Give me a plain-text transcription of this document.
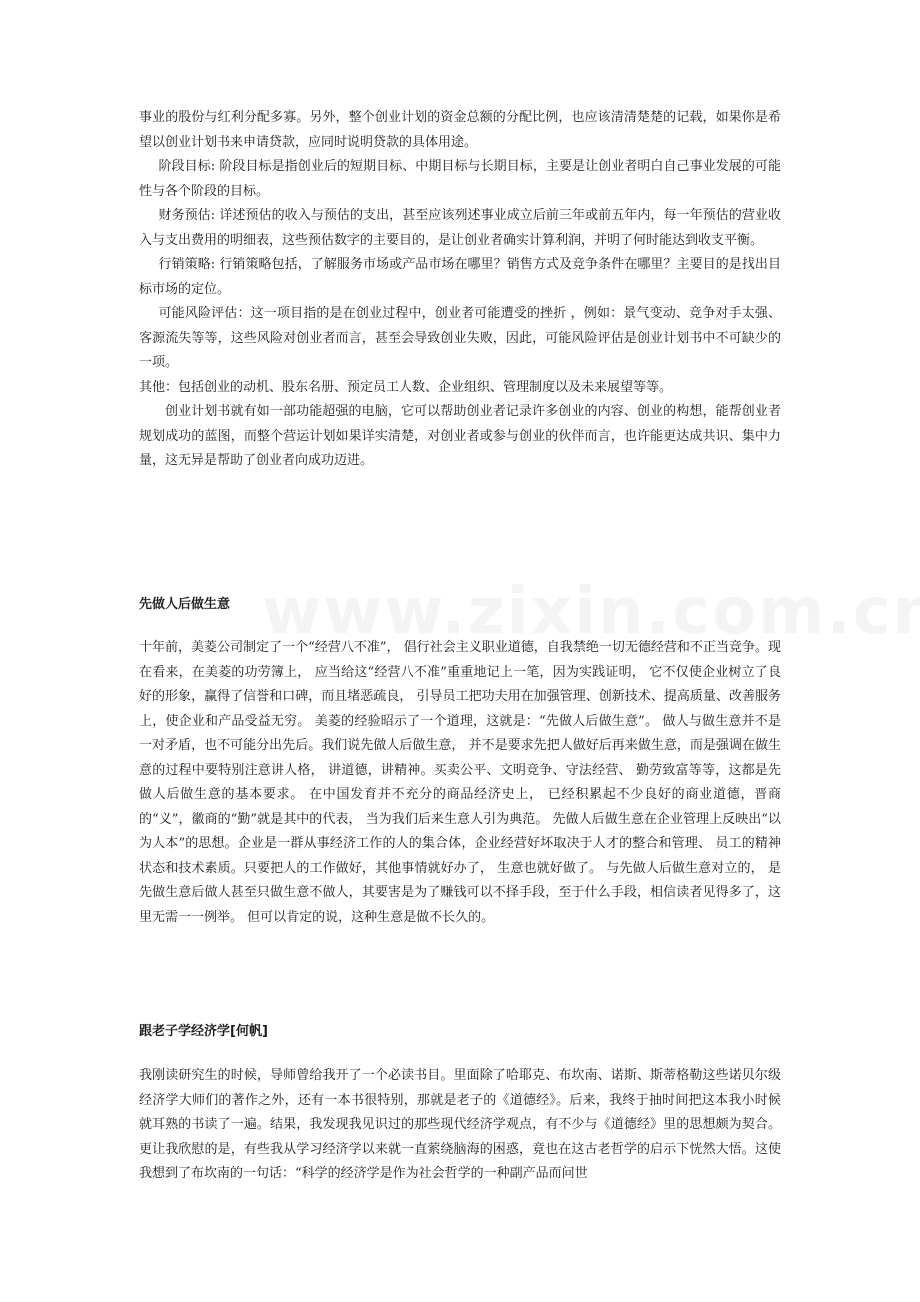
事业的股份与红利分配多寡。另外，整个创业计划的资金总额的分配比例，也应该清清楚楚的记载，如果你是希望以创业计划书来申请贷款，应同时说明贷款的具体用途。

阶段目标: 阶段目标是指创业后的短期目标、中期目标与长期目标，主要是让创业者明白自己事业发展的可能性与各个阶段的目标。

财务预估: 详述预估的收入与预估的支出，甚至应该列述事业成立后前三年或前五年内，每一年预估的营业收入与支出费用的明细表，这些预估数字的主要目的，是让创业者确实计算利润，并明了何时能达到收支平衡。

行销策略: 行销策略包括，了解服务市场或产品市场在哪里？销售方式及竞争条件在哪里？主要目的是找出目标市场的定位。

可能风险评估：这一项目指的是在创业过程中，创业者可能遭受的挫折 ，例如：景气变动、竞争对手太强、客源流失等等，这些风险对创业者而言，甚至会导致创业失败，因此，可能风险评估是创业计划书中不可缺少的一项。

其他：包括创业的动机、股东名册、预定员工人数、企业组织、管理制度以及未来展望等等。

创业计划书就有如一部功能超强的电脑，它可以帮助创业者记录许多创业的内容、创业的构想，能帮创业者规划成功的蓝图，而整个营运计划如果详实清楚，对创业者或参与创业的伙伴而言，也许能更达成共识、集中力量，这无异是帮助了创业者向成功迈进。

先做人后做生意

十年前，美菱公司制定了一个“经营八不准”， 倡行社会主义职业道德，自我禁绝一切无德经营和不正当竞争。现在看来，在美菱的功劳簿上， 应当给这“经营八不准”重重地记上一笔，因为实践证明， 它不仅使企业树立了良好的形象，赢得了信誉和口碑，而且堵恶疏良， 引导员工把功夫用在加强管理、创新技术、提高质量、改善服务上，使企业和产品受益无穷。 美菱的经验昭示了一个道理，这就是：“先做人后做生意”。 做人与做生意并不是一对矛盾，也不可能分出先后。我们说先做人后做生意， 并不是要求先把人做好后再来做生意，而是强调在做生意的过程中要特别注意讲人格， 讲道德，讲精神。买卖公平、文明竞争、守法经营、 勤劳致富等等，这都是先做人后做生意的基本要求。 在中国发育并不充分的商品经济史上， 已经积累起不少良好的商业道德，晋商的“义”，徽商的“勤”就是其中的代表， 当为我们后来生意人引为典范。 先做人后做生意在企业管理上反映出“以为人本”的思想。企业是一群从事经济工作的人的集合体，企业经营好坏取决于人才的整合和管理、 员工的精神状态和技术素质。只要把人的工作做好，其他事情就好办了， 生意也就好做了。 与先做人后做生意对立的， 是先做生意后做人甚至只做生意不做人，其要害是为了赚钱可以不择手段，至于什么手段，相信读者见得多了，这里无需一一例举。 但可以肯定的说，这种生意是做不长久的。

跟老子学经济学[何帆]

我刚读研究生的时候，导师曾给我开了一个必读书目。里面除了哈耶克、布坎南、诺斯、斯蒂格勒这些诺贝尔级经济学大师们的著作之外，还有一本书很特别，那就是老子的《道德经》。后来，我终于抽时间把这本我小时候就耳熟的书读了一遍。结果，我发现我见识过的那些现代经济学观点，有不少与《道德经》里的思想颇为契合。更让我欣慰的是，有些我从学习经济学以来就一直萦绕脑海的困惑，竟也在这古老哲学的启示下恍然大悟。这使我想到了布坎南的一句话：“科学的经济学是作为社会哲学的一种副产品而问世
